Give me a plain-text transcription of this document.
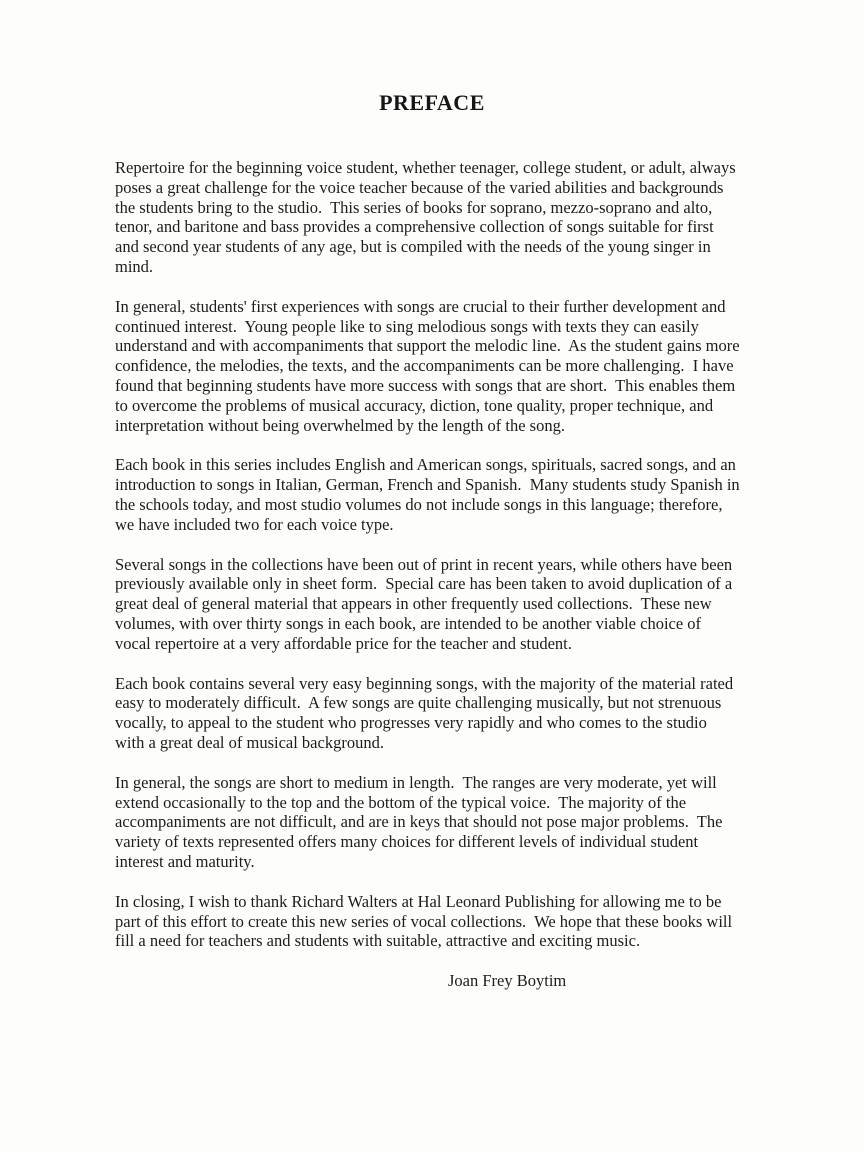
PREFACE

Repertoire for the beginning voice student, whether teenager, college student, or adult, always poses a great challenge for the voice teacher because of the varied abilities and backgrounds the students bring to the studio.  This series of books for soprano, mezzo-soprano and alto, tenor, and baritone and bass provides a comprehensive collection of songs suitable for first and second year students of any age, but is compiled with the needs of the young singer in mind.

In general, students' first experiences with songs are crucial to their further development and continued interest.  Young people like to sing melodious songs with texts they can easily understand and with accompaniments that support the melodic line.  As the student gains more confidence, the melodies, the texts, and the accompaniments can be more challenging.  I have found that beginning students have more success with songs that are short.  This enables them to overcome the problems of musical accuracy, diction, tone quality, proper technique, and interpretation without being overwhelmed by the length of the song.

Each book in this series includes English and American songs, spirituals, sacred songs, and an introduction to songs in Italian, German, French and Spanish.  Many students study Spanish in the schools today, and most studio volumes do not include songs in this language; therefore, we have included two for each voice type.

Several songs in the collections have been out of print in recent years, while others have been previously available only in sheet form.  Special care has been taken to avoid duplication of a great deal of general material that appears in other frequently used collections.  These new volumes, with over thirty songs in each book, are intended to be another viable choice of vocal repertoire at a very affordable price for the teacher and student.

Each book contains several very easy beginning songs, with the majority of the material rated easy to moderately difficult.  A few songs are quite challenging musically, but not strenuous vocally, to appeal to the student who progresses very rapidly and who comes to the studio with a great deal of musical background.

In general, the songs are short to medium in length.  The ranges are very moderate, yet will extend occasionally to the top and the bottom of the typical voice.  The majority of the accompaniments are not difficult, and are in keys that should not pose major problems.  The variety of texts represented offers many choices for different levels of individual student interest and maturity.

In closing, I wish to thank Richard Walters at Hal Leonard Publishing for allowing me to be part of this effort to create this new series of vocal collections.  We hope that these books will fill a need for teachers and students with suitable, attractive and exciting music.

Joan Frey Boytim
